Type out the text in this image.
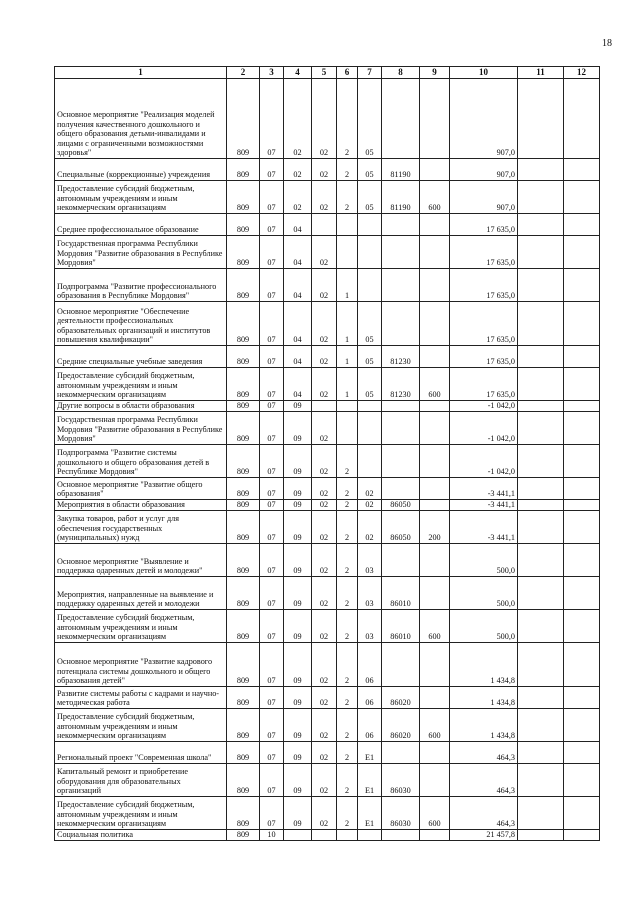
18
1	2	3	4	5	6	7	8	9	10	11	12
Основное мероприятие "Реализация моделей получения качественного дошкольного и общего образования детьми-инвалидами и лицами с ограниченными возможностями здоровья"	809	07	02	02	2	05			907,0		
Специальные (коррекционные) учреждения	809	07	02	02	2	05	81190		907,0		
Предоставление субсидий бюджетным, автономным учреждениям и иным некоммерческим организациям	809	07	02	02	2	05	81190	600	907,0		
Среднее профессиональное образование	809	07	04						17 635,0		
Государственная программа Республики Мордовия "Развитие образования в Республике Мордовия"	809	07	04	02					17 635,0		
Подпрограмма "Развитие профессионального образования в Республике Мордовия"	809	07	04	02	1				17 635,0		
Основное мероприятие "Обеспечение деятельности профессиональных образовательных организаций и институтов повышения квалификации"	809	07	04	02	1	05			17 635,0		
Средние специальные учебные заведения	809	07	04	02	1	05	81230		17 635,0		
Предоставление субсидий бюджетным, автономным учреждениям и иным некоммерческим организациям	809	07	04	02	1	05	81230	600	17 635,0		
Другие вопросы в области образования	809	07	09						-1 042,0		
Государственная программа Республики Мордовия "Развитие образования в Республике Мордовия"	809	07	09	02					-1 042,0		
Подпрограмма "Развитие системы дошкольного и общего образования детей в Республике Мордовия"	809	07	09	02	2				-1 042,0		
Основное мероприятие "Развитие общего образования"	809	07	09	02	2	02			-3 441,1		
Мероприятия в области образования	809	07	09	02	2	02	86050		-3 441,1		
Закупка товаров, работ и услуг для обеспечения государственных (муниципальных) нужд	809	07	09	02	2	02	86050	200	-3 441,1		
Основное мероприятие "Выявление и поддержка одаренных детей и молодежи"	809	07	09	02	2	03			500,0		
Мероприятия, направленные на выявление и поддержку одаренных детей и молодежи	809	07	09	02	2	03	86010		500,0		
Предоставление субсидий бюджетным, автономным учреждениям и иным некоммерческим организациям	809	07	09	02	2	03	86010	600	500,0		
Основное мероприятие "Развитие кадрового потенциала системы дошкольного и общего образования детей"	809	07	09	02	2	06			1 434,8		
Развитие системы работы с кадрами и научно-методическая работа	809	07	09	02	2	06	86020		1 434,8		
Предоставление субсидий бюджетным, автономным учреждениям и иным некоммерческим организациям	809	07	09	02	2	06	86020	600	1 434,8		
Региональный проект "Современная школа"	809	07	09	02	2	E1			464,3		
Капитальный ремонт и приобретение оборудования для образовательных организаций	809	07	09	02	2	E1	86030		464,3		
Предоставление субсидий бюджетным, автономным учреждениям и иным некоммерческим организациям	809	07	09	02	2	E1	86030	600	464,3		
Социальная политика	809	10							21 457,8		
